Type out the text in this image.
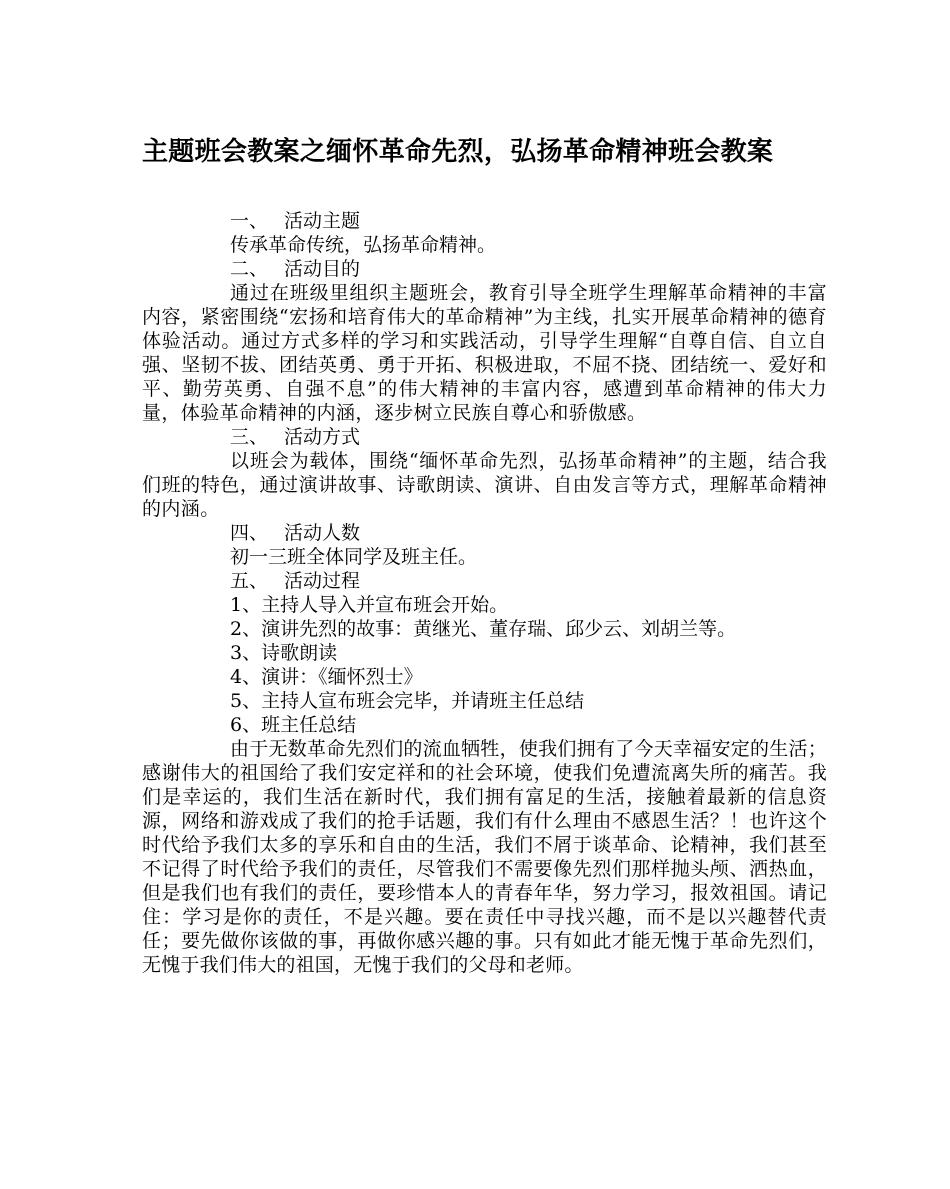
主题班会教案之缅怀革命先烈，弘扬革命精神班会教案
一、 活动主题
传承革命传统，弘扬革命精神。
二、 活动目的

通过在班级里组织主题班会，教育引导全班学生理解革命精神的丰富内容，紧密围绕“宏扬和培育伟大的革命精神”为主线，扎实开展革命精神的德育体验活动。通过方式多样的学习和实践活动，引导学生理解“自尊自信、自立自强、坚韧不拔、团结英勇、勇于开拓、积极进取，不屈不挠、团结统一、爱好和平、勤劳英勇、自强不息”的伟大精神的丰富内容，感遭到革命精神的伟大力量，体验革命精神的内涵，逐步树立民族自尊心和骄傲感。

三、 活动方式

以班会为载体，围绕“缅怀革命先烈，弘扬革命精神”的主题，结合我们班的特色，通过演讲故事、诗歌朗读、演讲、自由发言等方式，理解革命精神的内涵。

四、 活动人数
初一三班全体同学及班主任。
五、 活动过程
1、主持人导入并宣布班会开始。
2、演讲先烈的故事：黄继光、董存瑞、邱少云、刘胡兰等。
3、诗歌朗读
4、演讲：《缅怀烈士》
5、主持人宣布班会完毕，并请班主任总结
6、班主任总结

由于无数革命先烈们的流血牺牲，使我们拥有了今天幸福安定的生活；感谢伟大的祖国给了我们安定祥和的社会环境，使我们免遭流离失所的痛苦。我们是幸运的，我们生活在新时代，我们拥有富足的生活，接触着最新的信息资源，网络和游戏成了我们的抢手话题，我们有什么理由不感恩生活？！也许这个时代给予我们太多的享乐和自由的生活，我们不屑于谈革命、论精神，我们甚至不记得了时代给予我们的责任，尽管我们不需要像先烈们那样抛头颅、洒热血，但是我们也有我们的责任，要珍惜本人的青春年华，努力学习，报效祖国。请记住：学习是你的责任，不是兴趣。要在责任中寻找兴趣，而不是以兴趣替代责任；要先做你该做的事，再做你感兴趣的事。只有如此才能无愧于革命先烈们，无愧于我们伟大的祖国，无愧于我们的父母和老师。
